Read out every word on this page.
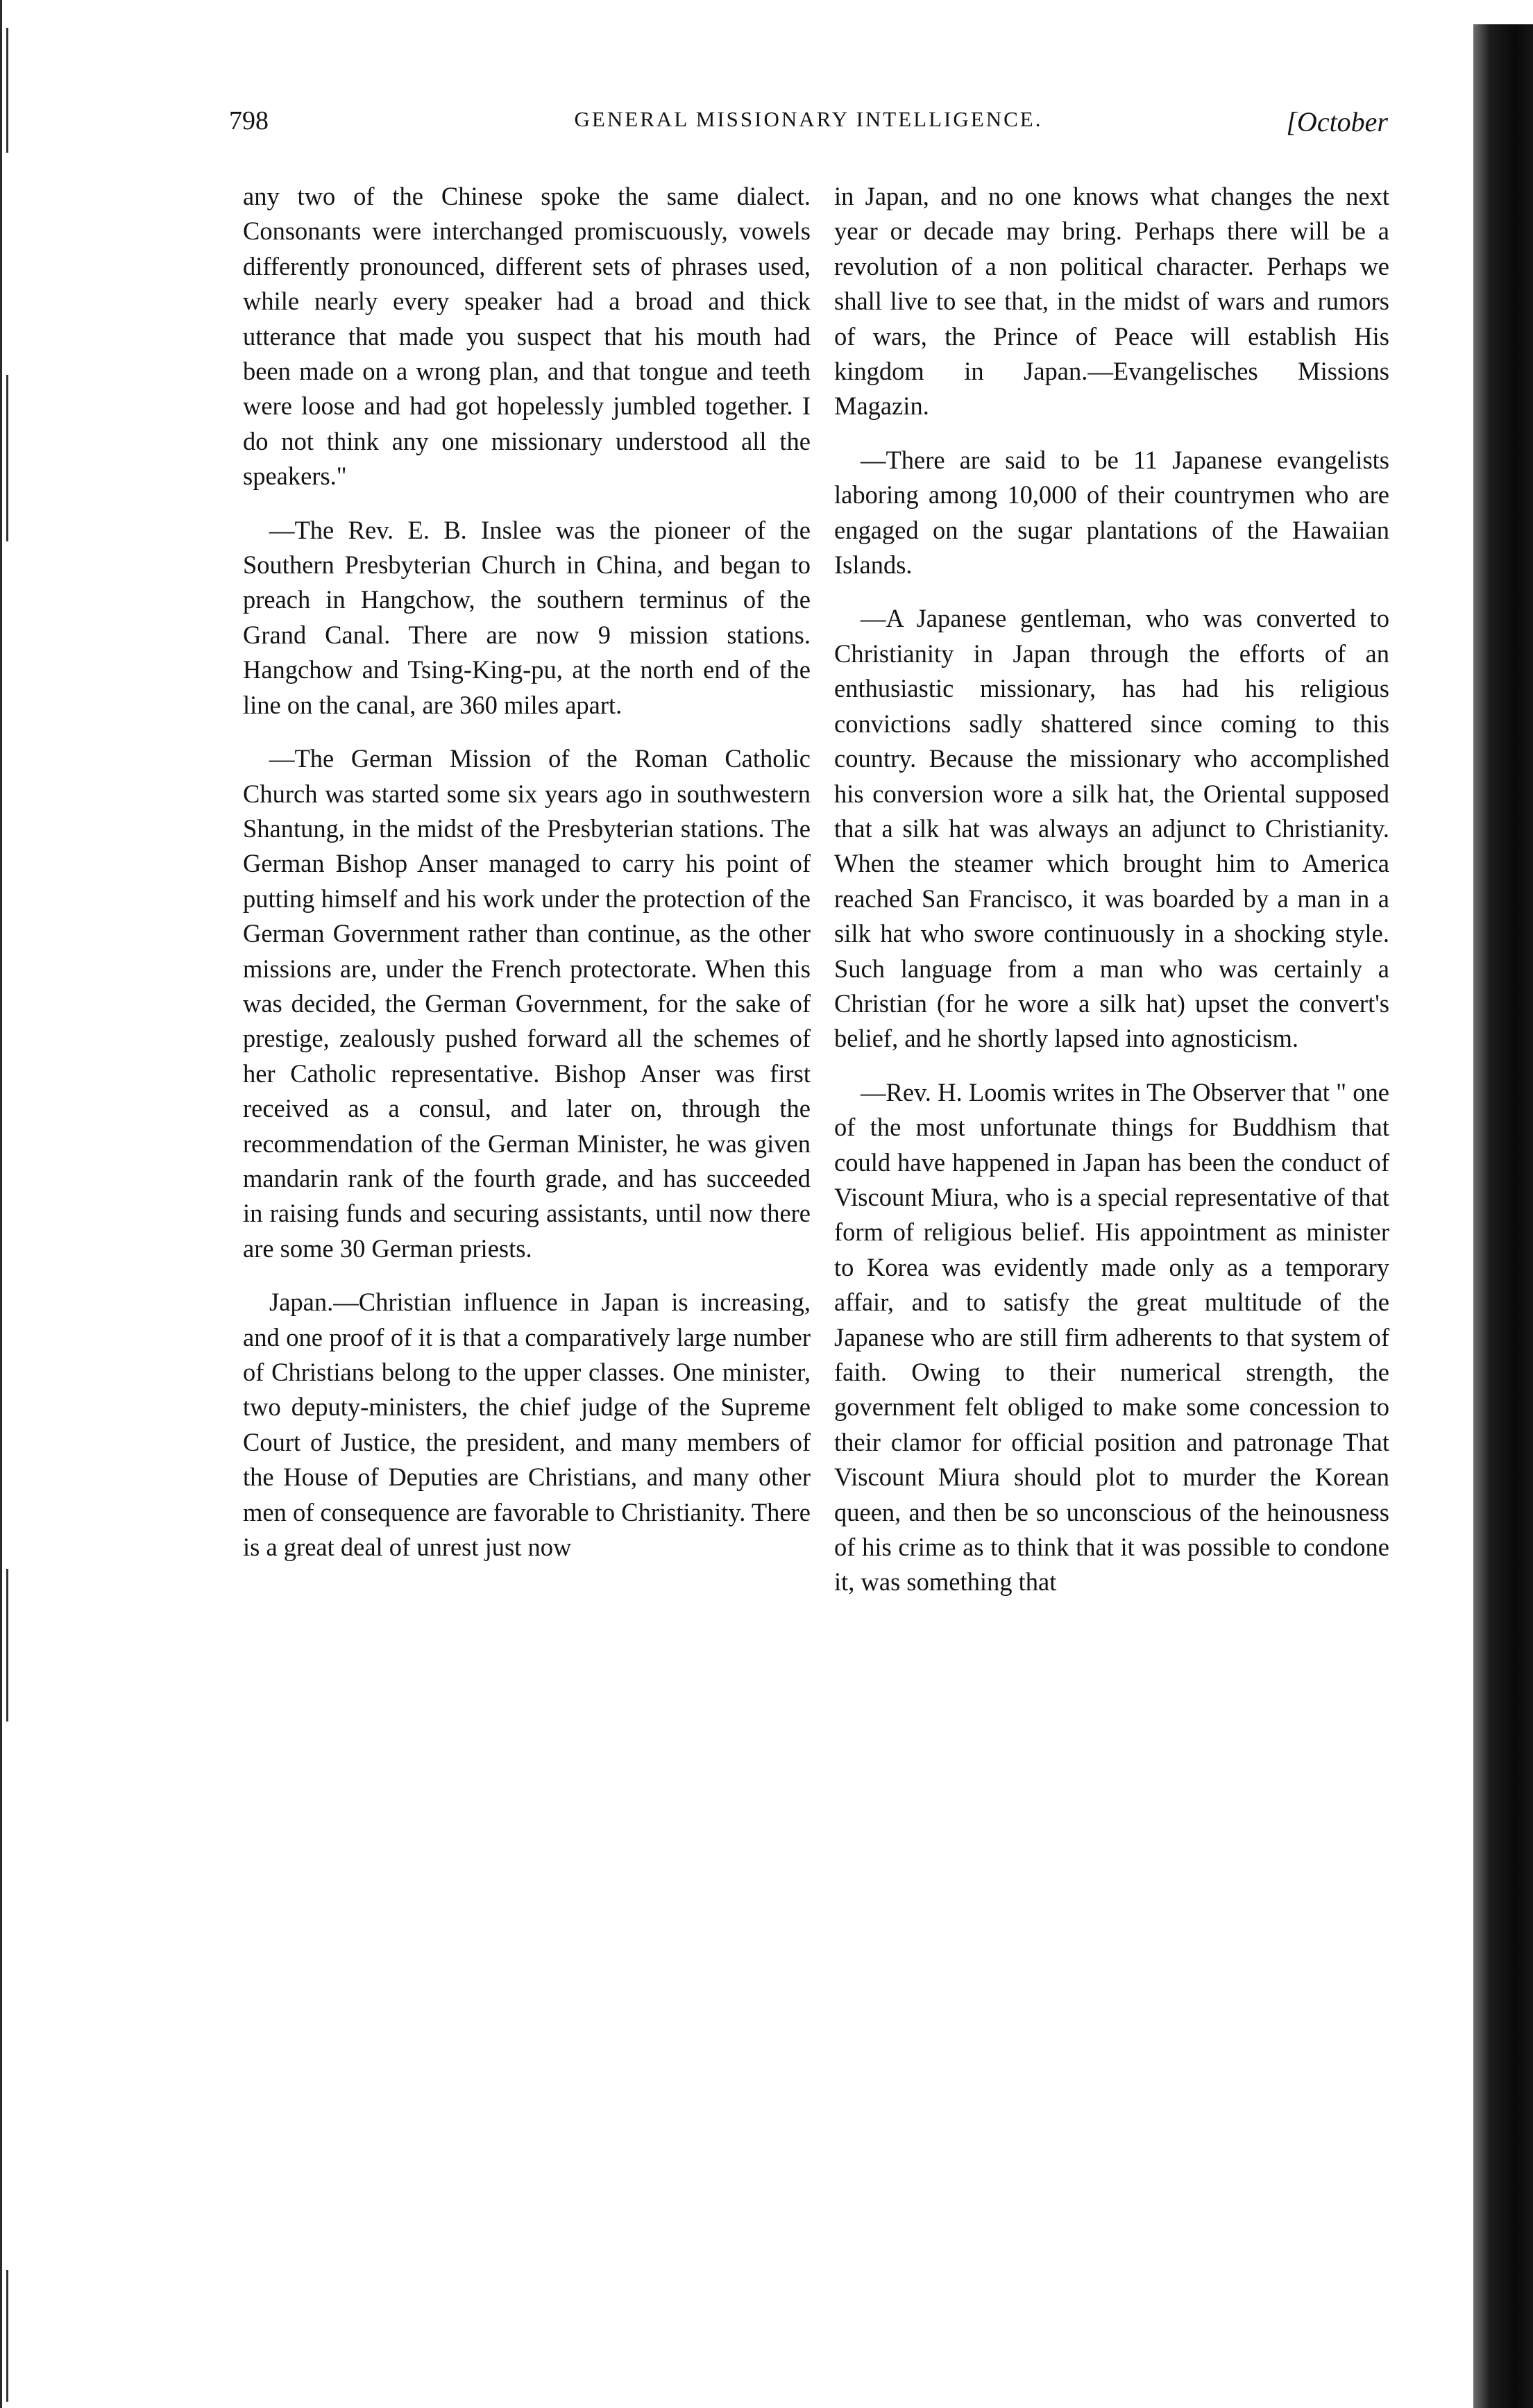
798	GENERAL MISSIONARY INTELLIGENCE.	[October

any two of the Chinese spoke the same dialect. Consonants were interchanged promiscuously, vowels differently pronounced, different sets of phrases used, while nearly every speaker had a broad and thick utterance that made you suspect that his mouth had been made on a wrong plan, and that tongue and teeth were loose and had got hopelessly jumbled together. I do not think any one missionary understood all the speakers."

—The Rev. E. B. Inslee was the pioneer of the Southern Presbyterian Church in China, and began to preach in Hangchow, the southern terminus of the Grand Canal. There are now 9 mission stations. Hangchow and Tsing-King-pu, at the north end of the line on the canal, are 360 miles apart.

—The German Mission of the Roman Catholic Church was started some six years ago in southwestern Shantung, in the midst of the Presbyterian stations. The German Bishop Anser managed to carry his point of putting himself and his work under the protection of the German Government rather than continue, as the other missions are, under the French protectorate. When this was decided, the German Government, for the sake of prestige, zealously pushed forward all the schemes of her Catholic representative. Bishop Anser was first received as a consul, and later on, through the recommendation of the German Minister, he was given mandarin rank of the fourth grade, and has succeeded in raising funds and securing assistants, until now there are some 30 German priests.

Japan.—Christian influence in Japan is increasing, and one proof of it is that a comparatively large number of Christians belong to the upper classes. One minister, two deputy-ministers, the chief judge of the Supreme Court of Justice, the president, and many members of the House of Deputies are Christians, and many other men of consequence are favorable to Christianity. There is a great deal of unrest just now

in Japan, and no one knows what changes the next year or decade may bring. Perhaps there will be a revolution of a non political character. Perhaps we shall live to see that, in the midst of wars and rumors of wars, the Prince of Peace will establish His kingdom in Japan.—Evangelisches Missions Magazin.

—There are said to be 11 Japanese evangelists laboring among 10,000 of their countrymen who are engaged on the sugar plantations of the Hawaiian Islands.

—A Japanese gentleman, who was converted to Christianity in Japan through the efforts of an enthusiastic missionary, has had his religious convictions sadly shattered since coming to this country. Because the missionary who accomplished his conversion wore a silk hat, the Oriental supposed that a silk hat was always an adjunct to Christianity. When the steamer which brought him to America reached San Francisco, it was boarded by a man in a silk hat who swore continuously in a shocking style. Such language from a man who was certainly a Christian (for he wore a silk hat) upset the convert's belief, and he shortly lapsed into agnosticism.

—Rev. H. Loomis writes in The Observer that " one of the most unfortunate things for Buddhism that could have happened in Japan has been the conduct of Viscount Miura, who is a special representative of that form of religious belief. His appointment as minister to Korea was evidently made only as a temporary affair, and to satisfy the great multitude of the Japanese who are still firm adherents to that system of faith. Owing to their numerical strength, the government felt obliged to make some concession to their clamor for official position and patronage That Viscount Miura should plot to murder the Korean queen, and then be so unconscious of the heinousness of his crime as to think that it was possible to condone it, was something that
